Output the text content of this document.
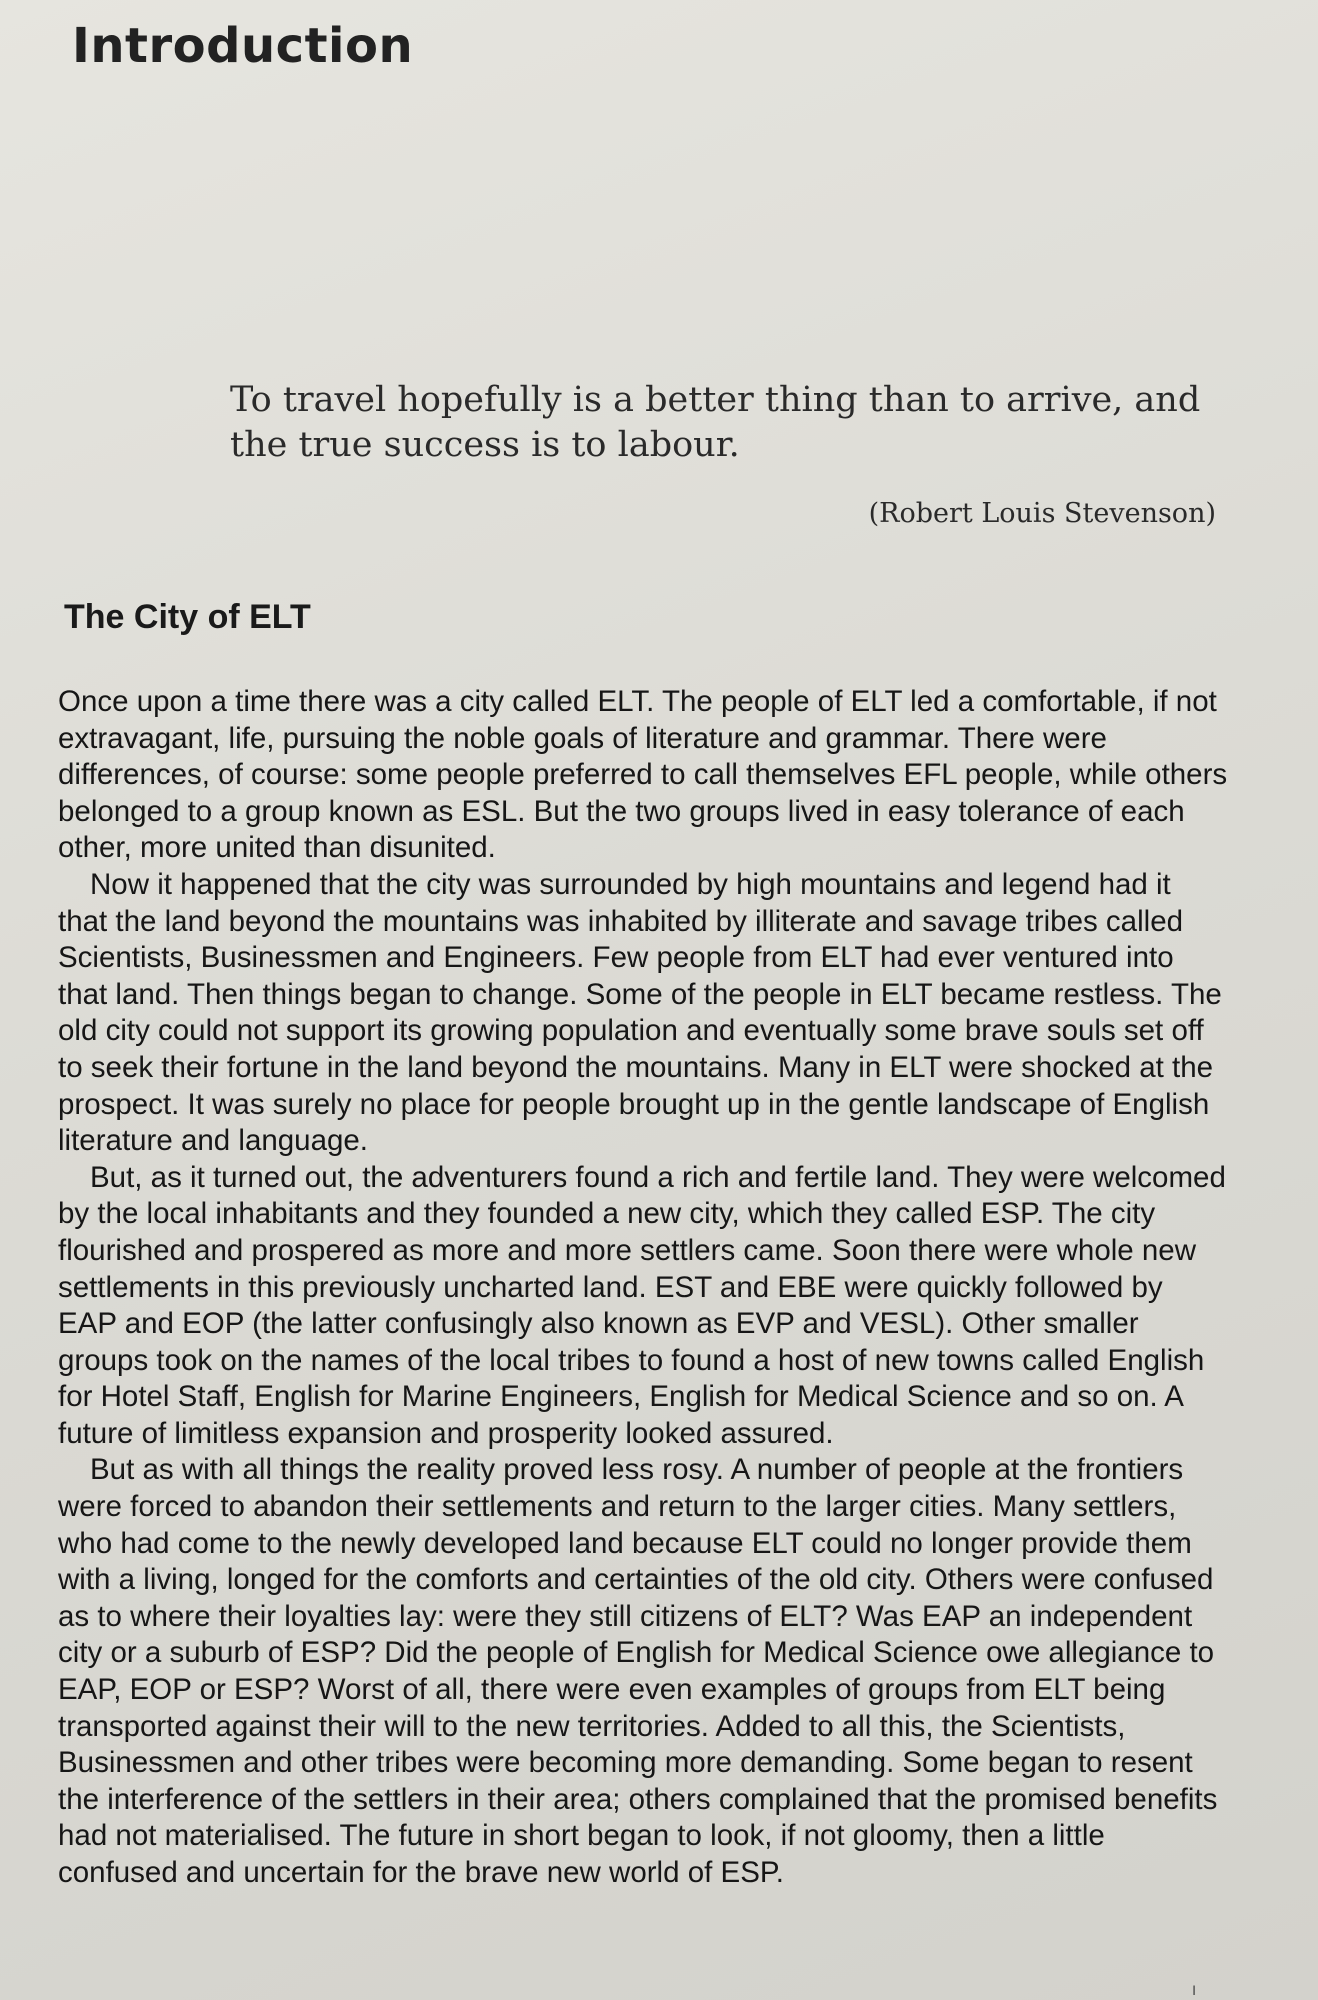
Introduction
To travel hopefully is a better thing than to arrive, and the true success is to labour.
(Robert Louis Stevenson)
The City of ELT

Once upon a time there was a city called ELT. The people of ELT led a comfortable, if not extravagant, life, pursuing the noble goals of literature and grammar. There were differences, of course: some people preferred to call themselves EFL people, while others belonged to a group known as ESL. But the two groups lived in easy tolerance of each other, more united than disunited.

Now it happened that the city was surrounded by high mountains and legend had it that the land beyond the mountains was inhabited by illiterate and savage tribes called Scientists, Businessmen and Engineers. Few people from ELT had ever ventured into that land. Then things began to change. Some of the people in ELT became restless. The old city could not support its growing population and eventually some brave souls set off to seek their fortune in the land beyond the mountains. Many in ELT were shocked at the prospect. It was surely no place for people brought up in the gentle landscape of English literature and language.

But, as it turned out, the adventurers found a rich and fertile land. They were welcomed by the local inhabitants and they founded a new city, which they called ESP. The city flourished and prospered as more and more settlers came. Soon there were whole new settlements in this previously uncharted land. EST and EBE were quickly followed by EAP and EOP (the latter confusingly also known as EVP and VESL). Other smaller groups took on the names of the local tribes to found a host of new towns called English for Hotel Staff, English for Marine Engineers, English for Medical Science and so on. A future of limitless expansion and prosperity looked assured.

But as with all things the reality proved less rosy. A number of people at the frontiers were forced to abandon their settlements and return to the larger cities. Many settlers, who had come to the newly developed land because ELT could no longer provide them with a living, longed for the comforts and certainties of the old city. Others were confused as to where their loyalties lay: were they still citizens of ELT? Was EAP an independent city or a suburb of ESP? Did the people of English for Medical Science owe allegiance to EAP, EOP or ESP? Worst of all, there were even examples of groups from ELT being transported against their will to the new territories. Added to all this, the Scientists, Businessmen and other tribes were becoming more demanding. Some began to resent the interference of the settlers in their area; others complained that the promised benefits had not materialised. The future in short began to look, if not gloomy, then a little confused and uncertain for the brave new world of ESP.

I
